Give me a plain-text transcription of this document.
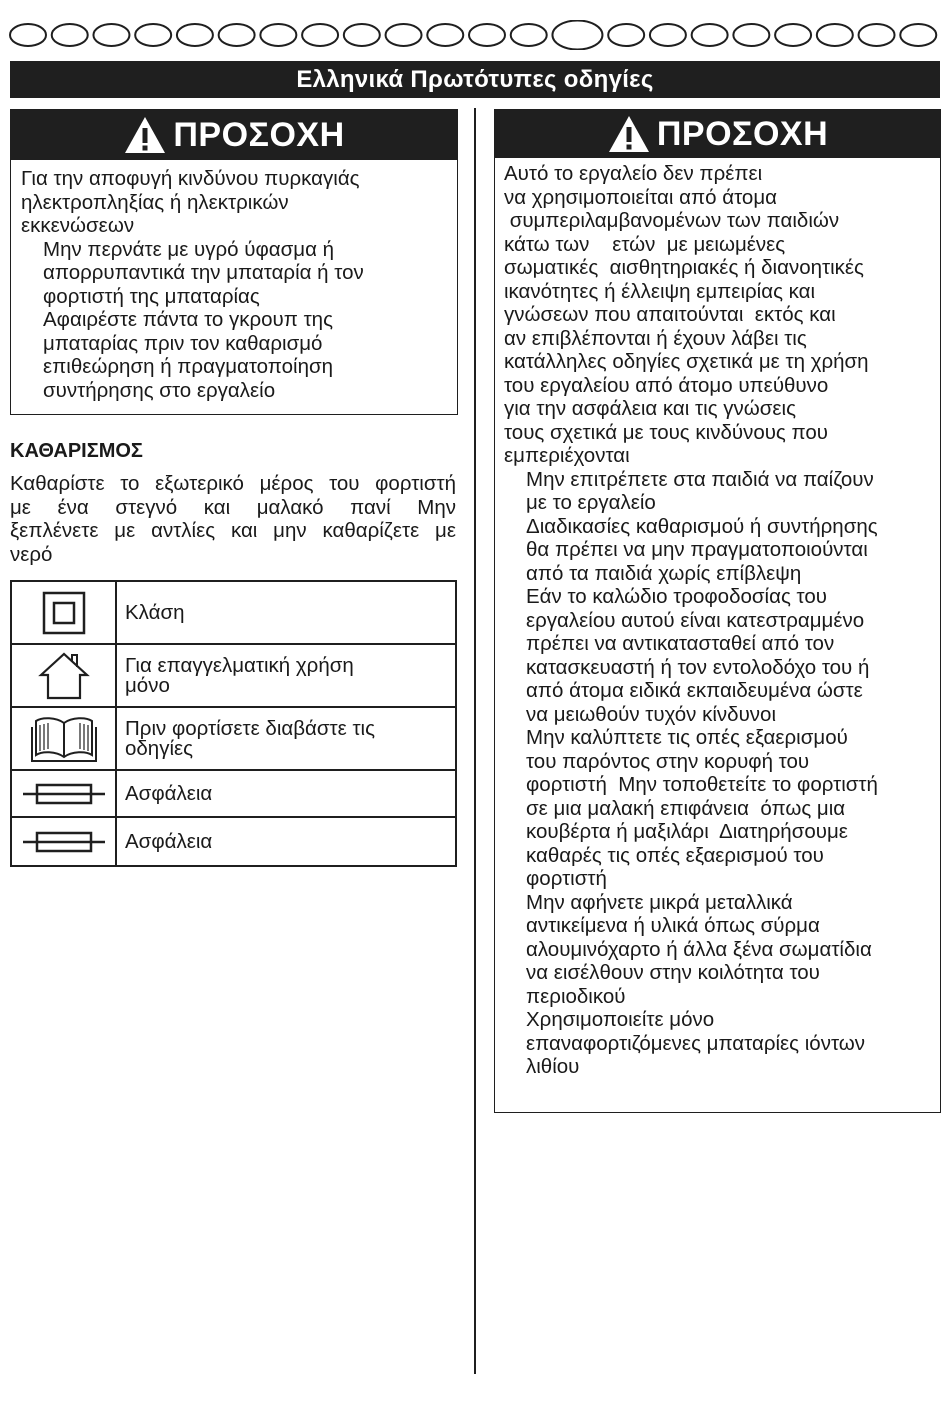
Ελληνικά Πρωτότυπες οδηγίες
ΠΡΟΣΟΧΗ
Για την αποφυγή κινδύνου πυρκαγιάς
ηλεκτροπληξίας ή ηλεκτρικών
εκκενώσεων
Μην περνάτε με υγρό ύφασμα ή
απορρυπαντικά την μπαταρία ή τον
φορτιστή της μπαταρίας
Αφαιρέστε πάντα το γκρουπ της
μπαταρίας πριν τον καθαρισμό
επιθεώρηση ή πραγματοποίηση
συντήρησης στο εργαλείο
ΚΑΘΑΡΙΣΜΟΣ
Καθαρίστε το εξωτερικό μέρος του φορτιστή
με ένα στεγνό και μαλακό πανί Μην
ξεπλένετε με αντλίες και μην καθαρίζετε με
νερό
	Κλάση

	Για επαγγελματική χρήση
μόνο

	Πριν φορτίσετε διαβάστε τις
οδηγίες

	Ασφάλεια

	Ασφάλεια
ΠΡΟΣΟΧΗ
Αυτό το εργαλείο δεν πρέπει
να χρησιμοποιείται από άτομα
συμπεριλαμβανομένων των παιδιών
κάτω των    ετών  με μειωμένες
σωματικές  αισθητηριακές ή διανοητικές
ικανότητες ή έλλειψη εμπειρίας και
γνώσεων που απαιτούνται  εκτός και
αν επιβλέπονται ή έχουν λάβει τις
κατάλληλες οδηγίες σχετικά με τη χρήση
του εργαλείου από άτομο υπεύθυνο
για την ασφάλεια και τις γνώσεις
τους σχετικά με τους κινδύνους που
εμπεριέχονται
Μην επιτρέπετε στα παιδιά να παίζουν
με το εργαλείο
Διαδικασίες καθαρισμού ή συντήρησης
θα πρέπει να μην πραγματοποιούνται
από τα παιδιά χωρίς επίβλεψη
Εάν το καλώδιο τροφοδοσίας του
εργαλείου αυτού είναι κατεστραμμένο
πρέπει να αντικατασταθεί από τον
κατασκευαστή ή τον εντολοδόχο του ή
από άτομα ειδικά εκπαιδευμένα ώστε
να μειωθούν τυχόν κίνδυνοι
Μην καλύπτετε τις οπές εξαερισμού
του παρόντος στην κορυφή του
φορτιστή  Μην τοποθετείτε το φορτιστή
σε μια μαλακή επιφάνεια  όπως μια
κουβέρτα ή μαξιλάρι  Διατηρήσουμε
καθαρές τις οπές εξαερισμού του
φορτιστή
Μην αφήνετε μικρά μεταλλικά
αντικείμενα ή υλικά όπως σύρμα
αλουμινόχαρτο ή άλλα ξένα σωματίδια
να εισέλθουν στην κοιλότητα του
περιοδικού
Χρησιμοποιείτε μόνο
επαναφορτιζόμενες μπαταρίες ιόντων
λιθίου
